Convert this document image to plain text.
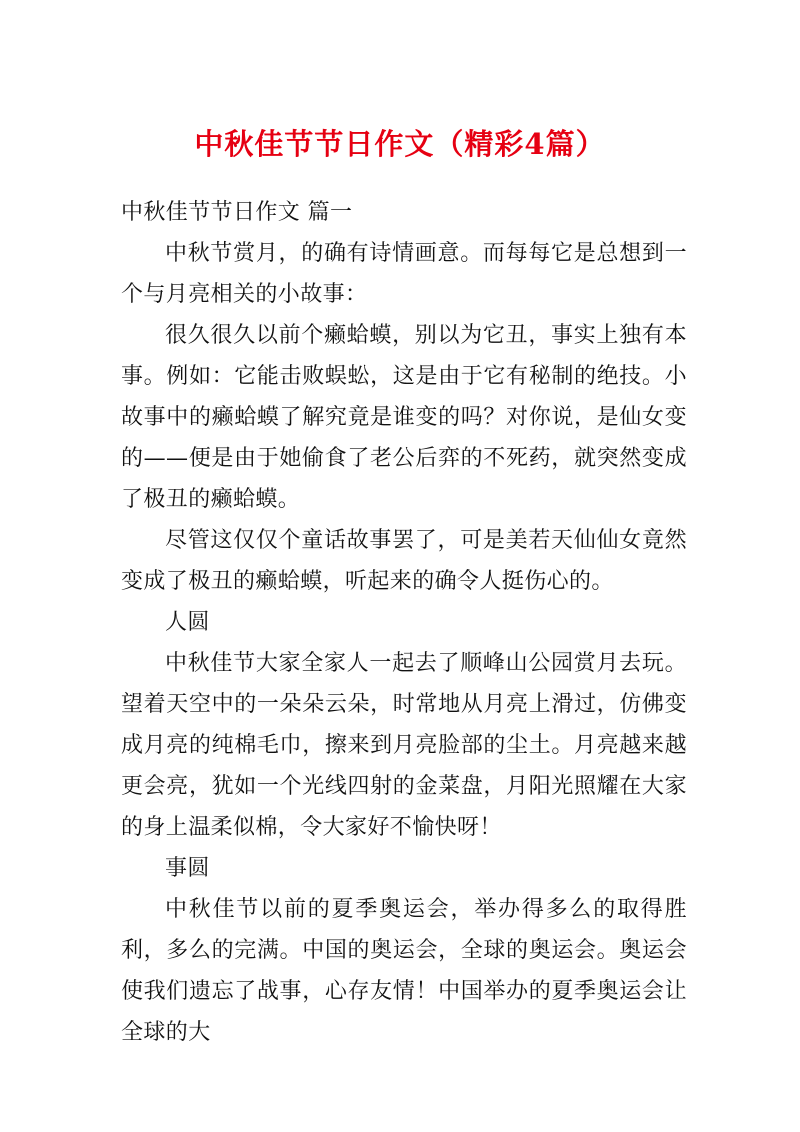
中秋佳节节日作文（精彩4篇）

中秋佳节节日作文 篇一

中秋节赏月，的确有诗情画意。而每每它是总想到一个与月亮相关的小故事：

很久很久以前个癞蛤蟆，别以为它丑，事实上独有本事。例如：它能击败蜈蚣，这是由于它有秘制的绝技。小故事中的癞蛤蟆了解究竟是谁变的吗？对你说，是仙女变的——便是由于她偷食了老公后弈的不死药，就突然变成了极丑的癞蛤蟆。

尽管这仅仅个童话故事罢了，可是美若天仙仙女竟然变成了极丑的癞蛤蟆，听起来的确令人挺伤心的。

人圆

中秋佳节大家全家人一起去了顺峰山公园赏月去玩。望着天空中的一朵朵云朵，时常地从月亮上滑过，仿佛变成月亮的纯棉毛巾，擦来到月亮脸部的尘土。月亮越来越更会亮，犹如一个光线四射的金菜盘，月阳光照耀在大家的身上温柔似棉，令大家好不愉快呀！

事圆

中秋佳节以前的夏季奥运会，举办得多么的取得胜利，多么的完满。中国的奥运会，全球的奥运会。奥运会使我们遗忘了战事，心存友情！中国举办的夏季奥运会让全球的大
